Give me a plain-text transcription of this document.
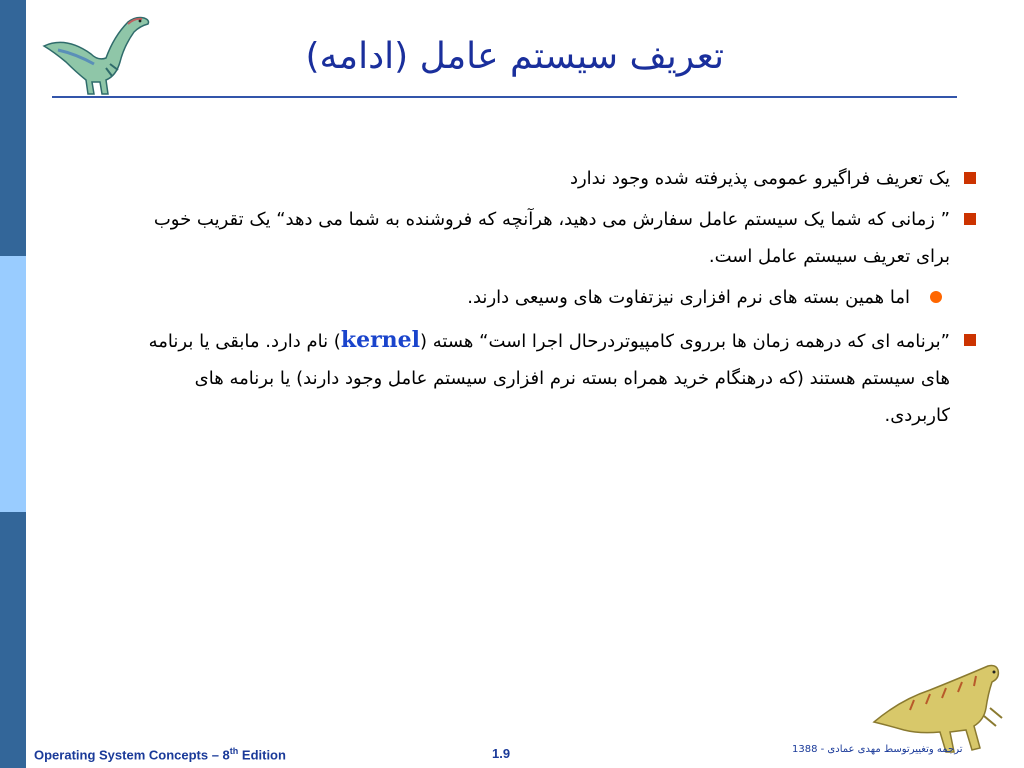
تعریف سیستم عامل (ادامه)
یک تعریف فراگیرو عمومی پذیرفته شده وجود ندارد
” زمانی که شما یک سیستم عامل سفارش می دهید، هرآنچه که فروشنده به شما می دهد“ یک تقریب خوب برای تعریف سیستم عامل است.
اما همین بسته های نرم افزاری نیزتفاوت های وسیعی دارند.
”برنامه ای که درهمه زمان ها برروی کامپیوتردرحال اجرا است“ هسته (kernel) نام دارد. مابقی یا برنامه های سیستم هستند (که درهنگام خرید همراه بسته نرم افزاری سیستم عامل وجود دارند) یا برنامه های کاربردی.
Operating System Concepts – 8th Edition	1.9	ترجمه وتغییرتوسط مهدی عمادی - 1388
